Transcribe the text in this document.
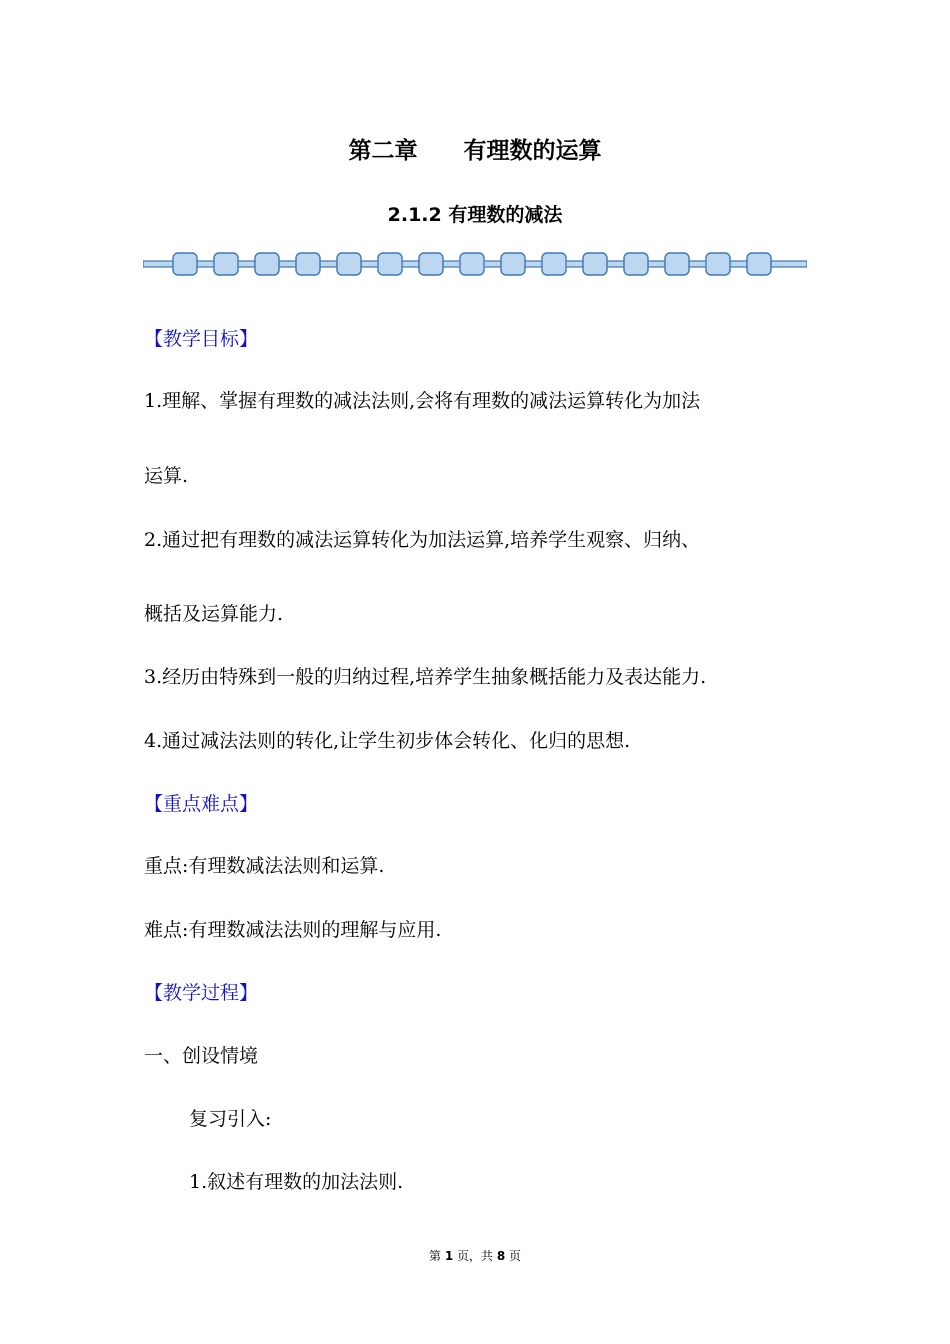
第二章　　有理数的运算
2.1.2 有理数的减法
【教学目标】
1.理解、掌握有理数的减法法则,会将有理数的减法运算转化为加法
运算.
2.通过把有理数的减法运算转化为加法运算,培养学生观察、归纳、
概括及运算能力.
3.经历由特殊到一般的归纳过程,培养学生抽象概括能力及表达能力.
4.通过减法法则的转化,让学生初步体会转化、化归的思想.
【重点难点】
重点:有理数减法法则和运算.
难点:有理数减法法则的理解与应用.
【教学过程】
一、创设情境
复习引入:
1.叙述有理数的加法法则.
第 1 页，共 8 页
